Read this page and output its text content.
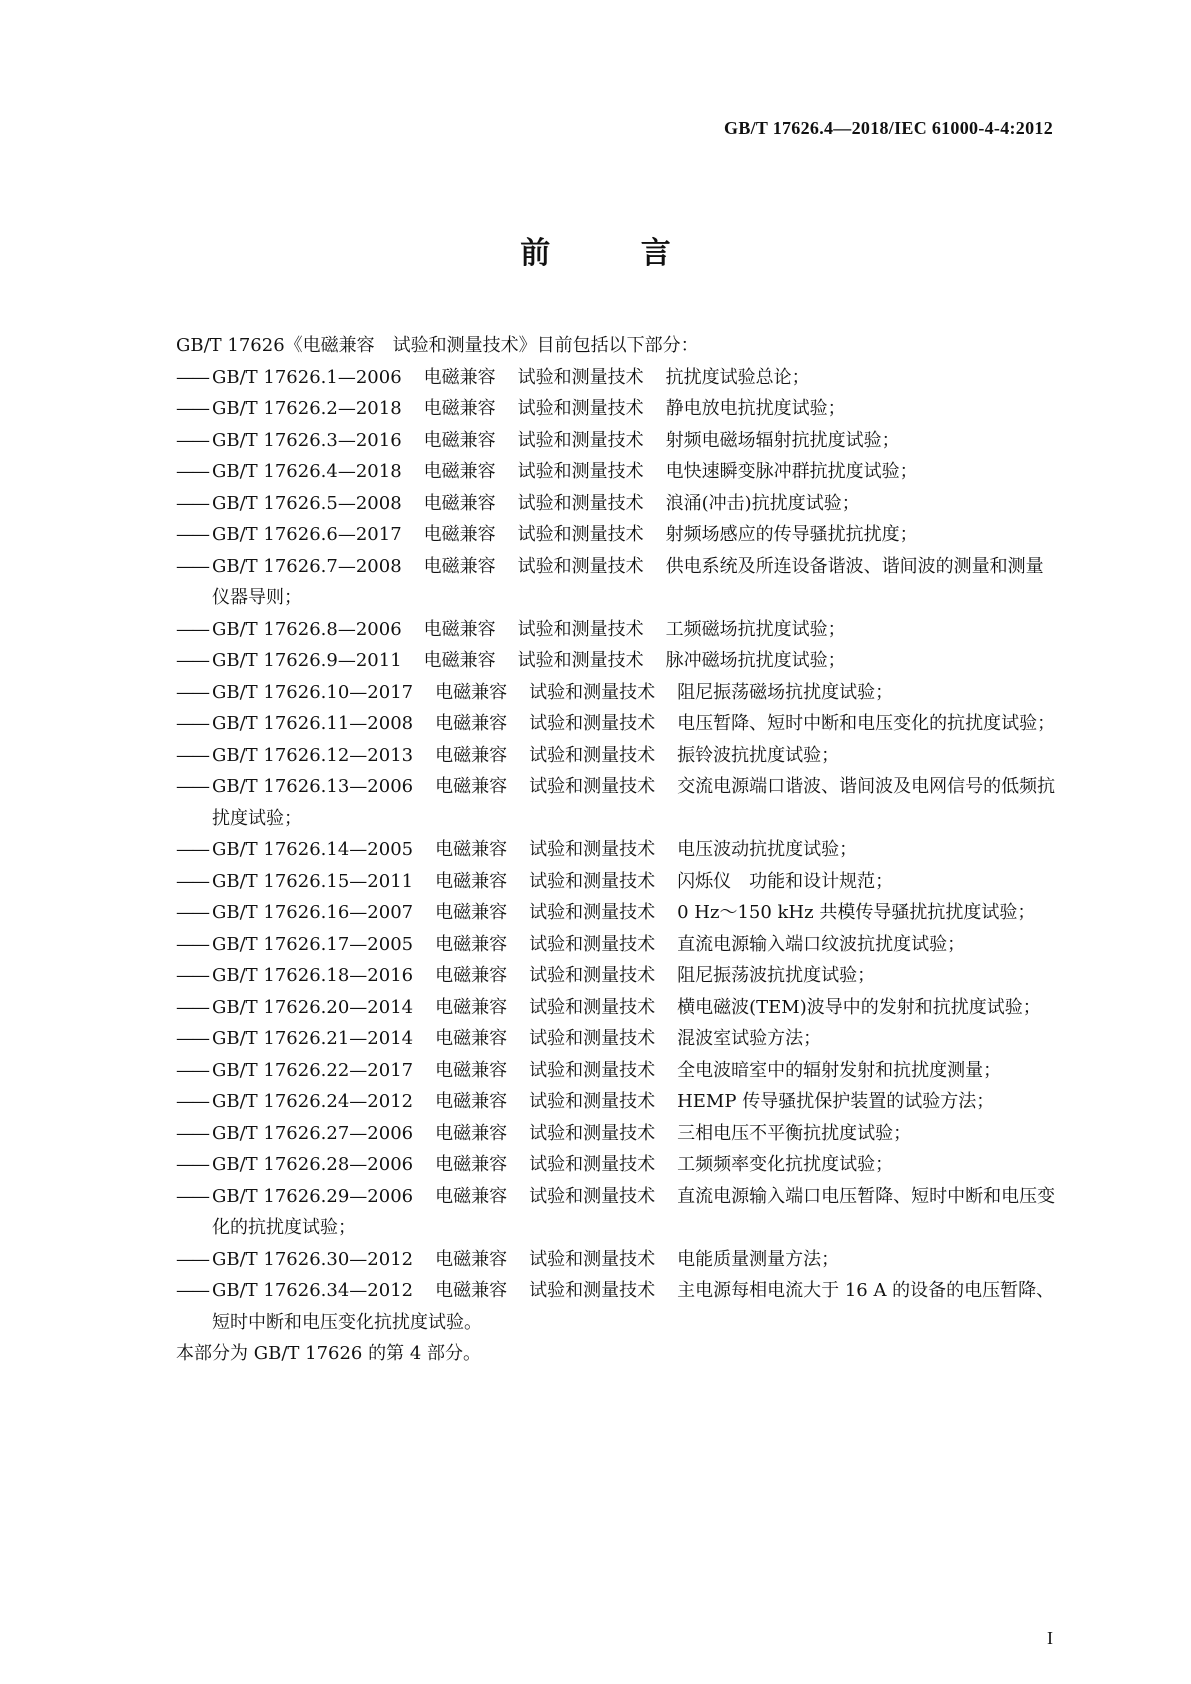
GB/T 17626.4—2018/IEC 61000-4-4:2012
前 言
GB/T 17626《电磁兼容　试验和测量技术》目前包括以下部分：
—— GB/T 17626.1—2006 电磁兼容 试验和测量技术 抗扰度试验总论；
—— GB/T 17626.2—2018 电磁兼容 试验和测量技术 静电放电抗扰度试验；
—— GB/T 17626.3—2016 电磁兼容 试验和测量技术 射频电磁场辐射抗扰度试验；
—— GB/T 17626.4—2018 电磁兼容 试验和测量技术 电快速瞬变脉冲群抗扰度试验；
—— GB/T 17626.5—2008 电磁兼容 试验和测量技术 浪涌(冲击)抗扰度试验；
—— GB/T 17626.6—2017 电磁兼容 试验和测量技术 射频场感应的传导骚扰抗扰度；
—— GB/T 17626.7—2008 电磁兼容 试验和测量技术 供电系统及所连设备谐波、谐间波的测量和测量仪器导则；
—— GB/T 17626.8—2006 电磁兼容 试验和测量技术 工频磁场抗扰度试验；
—— GB/T 17626.9—2011 电磁兼容 试验和测量技术 脉冲磁场抗扰度试验；
—— GB/T 17626.10—2017 电磁兼容 试验和测量技术 阻尼振荡磁场抗扰度试验；
—— GB/T 17626.11—2008 电磁兼容 试验和测量技术 电压暂降、短时中断和电压变化的抗扰度试验；
—— GB/T 17626.12—2013 电磁兼容 试验和测量技术 振铃波抗扰度试验；
—— GB/T 17626.13—2006 电磁兼容 试验和测量技术 交流电源端口谐波、谐间波及电网信号的低频抗扰度试验；
—— GB/T 17626.14—2005 电磁兼容 试验和测量技术 电压波动抗扰度试验；
—— GB/T 17626.15—2011 电磁兼容 试验和测量技术 闪烁仪　功能和设计规范；
—— GB/T 17626.16—2007 电磁兼容 试验和测量技术 0 Hz～150 kHz 共模传导骚扰抗扰度试验；
—— GB/T 17626.17—2005 电磁兼容 试验和测量技术 直流电源输入端口纹波抗扰度试验；
—— GB/T 17626.18—2016 电磁兼容 试验和测量技术 阻尼振荡波抗扰度试验；
—— GB/T 17626.20—2014 电磁兼容 试验和测量技术 横电磁波(TEM)波导中的发射和抗扰度试验；
—— GB/T 17626.21—2014 电磁兼容 试验和测量技术 混波室试验方法；
—— GB/T 17626.22—2017 电磁兼容 试验和测量技术 全电波暗室中的辐射发射和抗扰度测量；
—— GB/T 17626.24—2012 电磁兼容 试验和测量技术 HEMP 传导骚扰保护装置的试验方法；
—— GB/T 17626.27—2006 电磁兼容 试验和测量技术 三相电压不平衡抗扰度试验；
—— GB/T 17626.28—2006 电磁兼容 试验和测量技术 工频频率变化抗扰度试验；
—— GB/T 17626.29—2006 电磁兼容 试验和测量技术 直流电源输入端口电压暂降、短时中断和电压变化的抗扰度试验；
—— GB/T 17626.30—2012 电磁兼容 试验和测量技术 电能质量测量方法；
—— GB/T 17626.34—2012 电磁兼容 试验和测量技术 主电源每相电流大于 16 A 的设备的电压暂降、短时中断和电压变化抗扰度试验。
本部分为 GB/T 17626 的第 4 部分。
I
